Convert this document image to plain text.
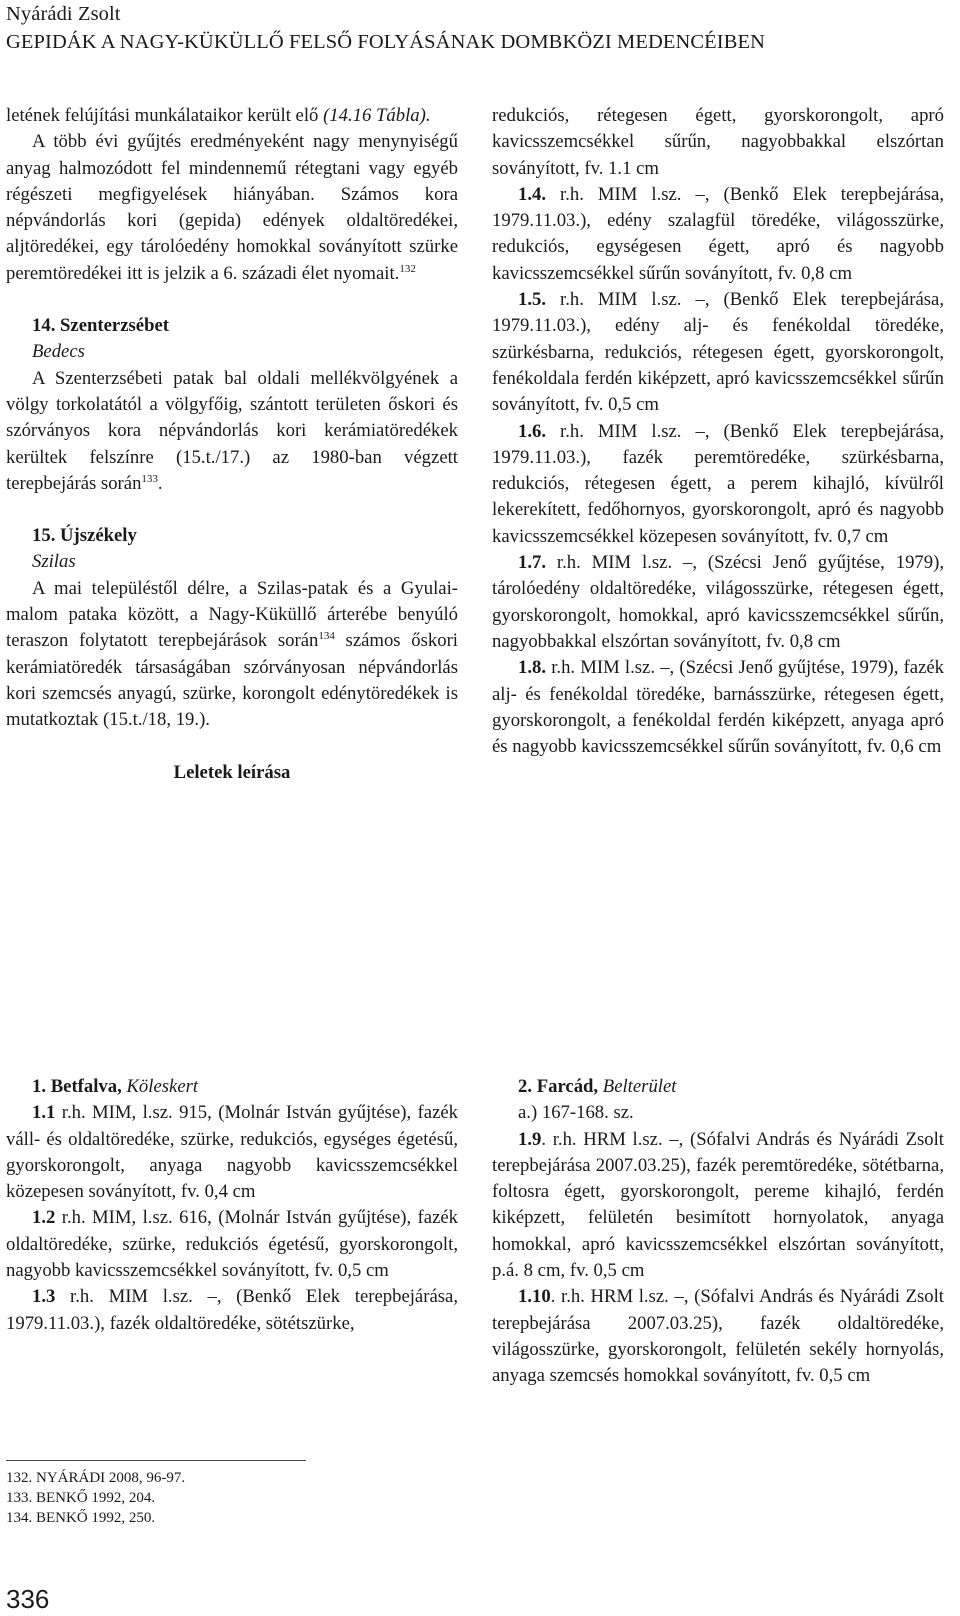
Nyárádi Zsolt
GEPIDÁK A NAGY-KÜKÜLLŐ FELSŐ FOLYÁSÁNAK DOMBKÖZI MEDENCÉIBEN

letének felújítási munkálataikor került elő (14.16 Tábla).

A több évi gyűjtés eredményeként nagy menynyiségű anyag halmozódott fel mindennemű rétegtani vagy egyéb régészeti megfigyelések hiányában. Számos kora népvándorlás kori (gepida) edények oldaltöredékei, aljtöredékei, egy tárolóedény homokkal soványított szürke peremtöredékei itt is jelzik a 6. századi élet nyomait.$^{132}$

14. Szenterzsébet

Bedecs

A Szenterzsébeti patak bal oldali mellékvölgyének a völgy torkolatától a völgyfőig, szántott területen őskori és szórványos kora népvándorlás kori kerámiatöredékek kerültek felszínre (15.t./17.) az 1980-ban végzett terepbejárás során$^{133}$.

15. Újszékely

Szilas

A mai településtől délre, a Szilas-patak és a Gyulai-malom pataka között, a Nagy-Küküllő árterébe benyúló teraszon folytatott terepbejárások során$^{134}$ számos őskori kerámiatöredék társaságában szórványosan népvándorlás kori szemcsés anyagú, szürke, korongolt edénytöredékek is mutatkoztak (15.t./18, 19.).

Leletek leírása

redukciós, rétegesen égett, gyorskorongolt, apró kavicsszemcsékkel sűrűn, nagyobbakkal elszórtan soványított, fv. 1.1 cm

1.4. r.h. MIM l.sz. –, (Benkő Elek terepbejárása, 1979.11.03.), edény szalagfül töredéke, világosszürke, redukciós, egységesen égett, apró és nagyobb kavicsszemcsékkel sűrűn soványított, fv. 0,8 cm

1.5. r.h. MIM l.sz. –, (Benkő Elek terepbejárása, 1979.11.03.), edény alj- és fenékoldal töredéke, szürkésbarna, redukciós, rétegesen égett, gyorskorongolt, fenékoldala ferdén kiképzett, apró kavicsszemcsékkel sűrűn soványított, fv. 0,5 cm

1.6. r.h. MIM l.sz. –, (Benkő Elek terepbejárása, 1979.11.03.), fazék peremtöredéke, szürkésbarna, redukciós, rétegesen égett, a perem kihajló, kívülről lekerekített, fedőhornyos, gyorskorongolt, apró és nagyobb kavicsszemcsékkel közepesen soványított, fv. 0,7 cm

1.7. r.h. MIM l.sz. –, (Szécsi Jenő gyűjtése, 1979), tárolóedény oldaltöredéke, világosszürke, rétegesen égett, gyorskorongolt, homokkal, apró kavicsszemcsékkel sűrűn, nagyobbakkal elszórtan soványított, fv. 0,8 cm

1.8. r.h. MIM l.sz. –, (Szécsi Jenő gyűjtése, 1979), fazék alj- és fenékoldal töredéke, barnásszürke, rétegesen égett, gyorskorongolt, a fenékoldal ferdén kiképzett, anyaga apró és nagyobb kavicsszemcsékkel sűrűn soványított, fv. 0,6 cm

1. Betfalva, Köleskert

1.1 r.h. MIM, l.sz. 915, (Molnár István gyűjtése), fazék váll- és oldaltöredéke, szürke, redukciós, egységes égetésű, gyorskorongolt, anyaga nagyobb kavicsszemcsékkel közepesen soványított, fv. 0,4 cm

1.2 r.h. MIM, l.sz. 616, (Molnár István gyűjtése), fazék oldaltöredéke, szürke, redukciós égetésű, gyorskorongolt, nagyobb kavicsszemcsékkel soványított, fv. 0,5 cm

1.3 r.h. MIM l.sz. –, (Benkő Elek terepbejárása, 1979.11.03.), fazék oldaltöredéke, sötétszürke,

2. Farcád, Belterület

a.) 167-168. sz.

1.9. r.h. HRM l.sz. –, (Sófalvi András és Nyárádi Zsolt terepbejárása 2007.03.25), fazék peremtöredéke, sötétbarna, foltosra égett, gyorskorongolt, pereme kihajló, ferdén kiképzett, felületén besimított hornyolatok, anyaga homokkal, apró kavicsszemcsékkel elszórtan soványított, p.á. 8 cm, fv. 0,5 cm

1.10. r.h. HRM l.sz. –, (Sófalvi András és Nyárádi Zsolt terepbejárása 2007.03.25), fazék oldaltöredéke, világosszürke, gyorskorongolt, felületén sekély hornyolás, anyaga szemcsés homokkal soványított, fv. 0,5 cm

132. NYÁRÁDI 2008, 96-97.
133. BENKŐ 1992, 204.
134. BENKŐ 1992, 250.
336
